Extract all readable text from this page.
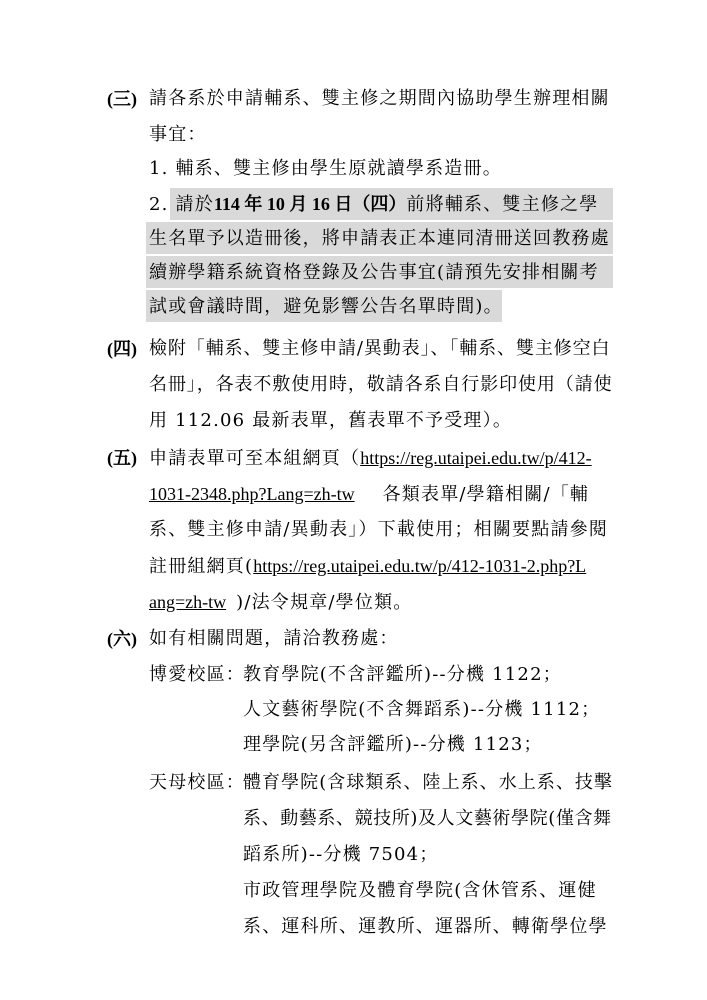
(三) 請各系於申請輔系、雙主修之期間內協助學生辦理相關
事宜：
1. 輔系、雙主修由學生原就讀學系造冊。
2. 請於114 年 10 月 16 日（四）前將輔系、雙主修之學
生名單予以造冊後，將申請表正本連同清冊送回教務處
續辦學籍系統資格登錄及公告事宜(請預先安排相關考
試或會議時間，避免影響公告名單時間)。
(四) 檢附「輔系、雙主修申請/異動表」、「輔系、雙主修空白
名冊」，各表不敷使用時，敬請各系自行影印使用（請使
用 112.06 最新表單，舊表單不予受理）。
(五) 申請表單可至本組網頁（https://reg.utaipei.edu.tw/p/412-
1031-2348.php?Lang=zh-tw 各類表單/學籍相關/「輔
系、雙主修申請/異動表」）下載使用；相關要點請參閱
註冊組網頁(https://reg.utaipei.edu.tw/p/412-1031-2.php?L
ang=zh-tw )/法令規章/學位類。
(六) 如有相關問題，請洽教務處：
博愛校區：
教育學院(不含評鑑所)--分機 1122；
人文藝術學院(不含舞蹈系)--分機 1112；
理學院(另含評鑑所)--分機 1123；
天母校區：
體育學院(含球類系、陸上系、水上系、技擊
系、動藝系、競技所)及人文藝術學院(僅含舞
蹈系所)--分機 7504；
市政管理學院及體育學院(含休管系、運健
系、運科所、運教所、運器所、轉衛學位學
